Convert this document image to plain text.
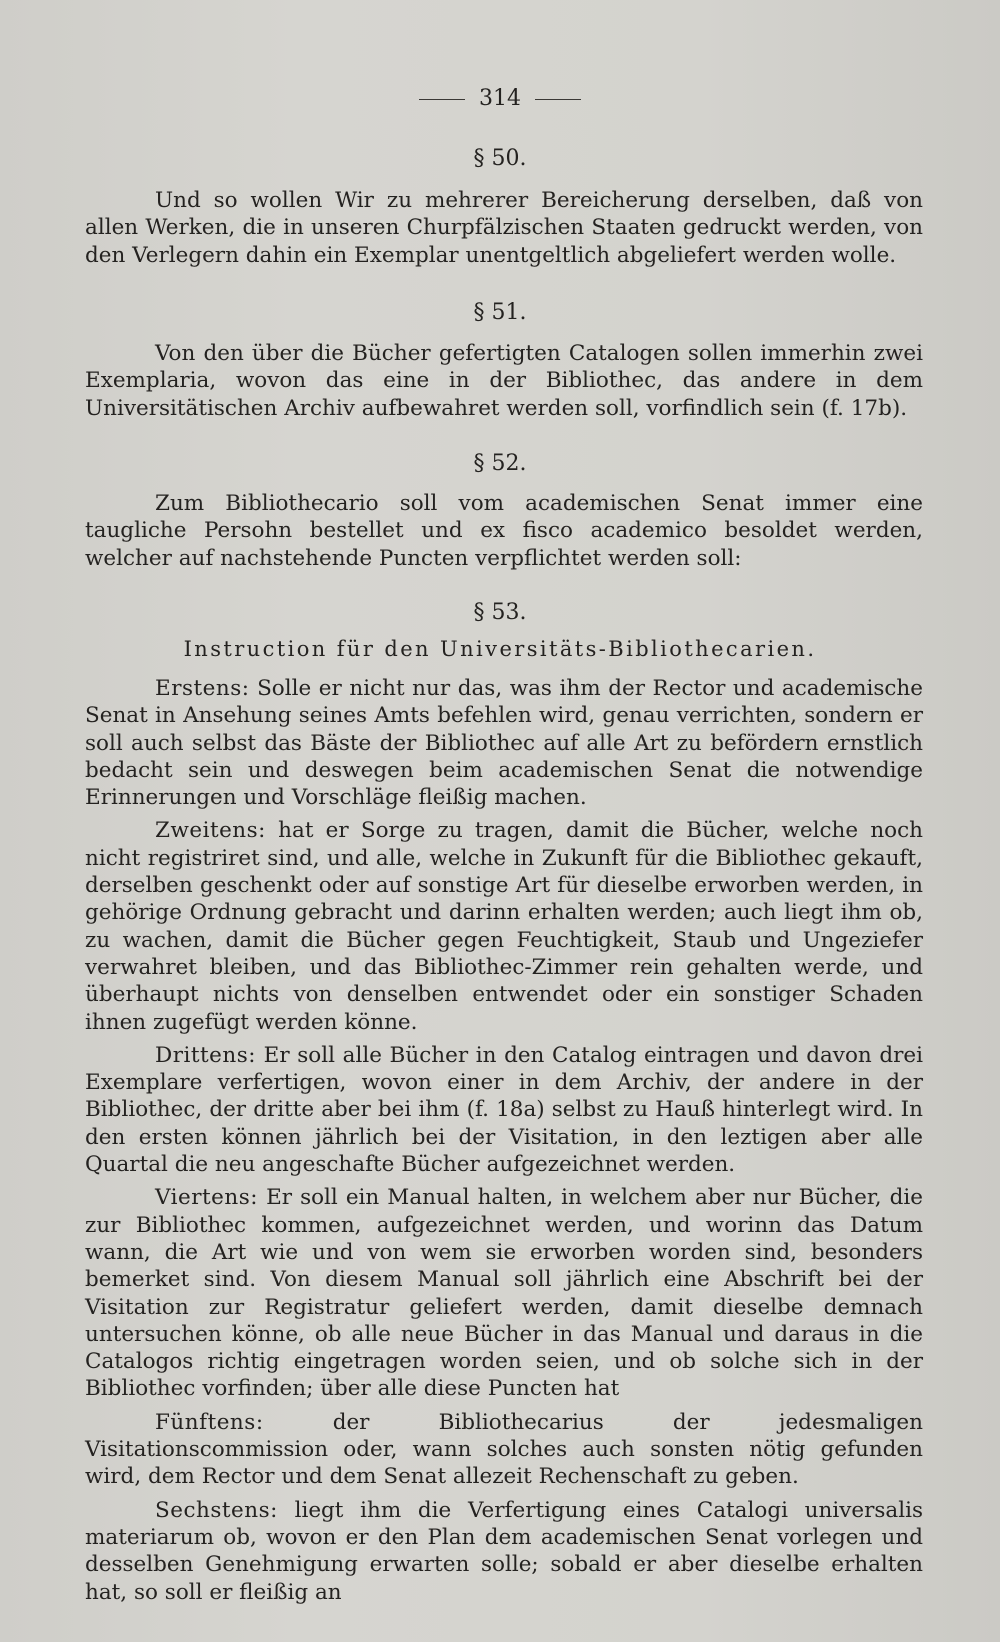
314
§ 50.

Und so wollen Wir zu mehrerer Bereicherung derselben, daß von allen Werken, die in unseren Churpfälzischen Staaten gedruckt werden, von den Verlegern dahin ein Exemplar unentgeltlich abgeliefert werden wolle.

§ 51.

Von den über die Bücher gefertigten Catalogen sollen immerhin zwei Exemplaria, wovon das eine in der Bibliothec, das andere in dem Universitätischen Archiv aufbewahret werden soll, vorfindlich sein (f. 17b).

§ 52.

Zum Bibliothecario soll vom academischen Senat immer eine taugliche Persohn bestellet und ex fisco academico besoldet werden, welcher auf nachstehende Puncten verpflichtet werden soll:

§ 53.
Instruction für den Universitäts-Bibliothecarien.

Erstens: Solle er nicht nur das, was ihm der Rector und academische Senat in Ansehung seines Amts befehlen wird, genau verrichten, sondern er soll auch selbst das Bäste der Bibliothec auf alle Art zu befördern ernstlich bedacht sein und deswegen beim academischen Senat die notwendige Erinnerungen und Vorschläge fleißig machen.

Zweitens: hat er Sorge zu tragen, damit die Bücher, welche noch nicht registriret sind, und alle, welche in Zukunft für die Bibliothec gekauft, derselben geschenkt oder auf sonstige Art für dieselbe erworben werden, in gehörige Ordnung gebracht und darinn erhalten werden; auch liegt ihm ob, zu wachen, damit die Bücher gegen Feuchtigkeit, Staub und Ungeziefer verwahret bleiben, und das Bibliothec-Zimmer rein gehalten werde, und überhaupt nichts von denselben entwendet oder ein sonstiger Schaden ihnen zugefügt werden könne.

Drittens: Er soll alle Bücher in den Catalog eintragen und davon drei Exemplare verfertigen, wovon einer in dem Archiv, der andere in der Bibliothec, der dritte aber bei ihm (f. 18a) selbst zu Hauß hinterlegt wird. In den ersten können jährlich bei der Visitation, in den leztigen aber alle Quartal die neu angeschafte Bücher aufgezeichnet werden.

Viertens: Er soll ein Manual halten, in welchem aber nur Bücher, die zur Bibliothec kommen, aufgezeichnet werden, und worinn das Datum wann, die Art wie und von wem sie erworben worden sind, besonders bemerket sind. Von diesem Manual soll jährlich eine Abschrift bei der Visitation zur Registratur geliefert werden, damit dieselbe demnach untersuchen könne, ob alle neue Bücher in das Manual und daraus in die Catalogos richtig eingetragen worden seien, und ob solche sich in der Bibliothec vorfinden; über alle diese Puncten hat

Fünftens:	der Bibliothecarius der jedesmaligen Visitationscommission oder, wann solches auch sonsten nötig gefunden wird, dem Rector und dem Senat allezeit Rechenschaft zu geben.

Sechstens: liegt ihm die Verfertigung eines Catalogi universalis materiarum ob, wovon er den Plan dem academischen Senat vorlegen und desselben Genehmigung erwarten solle; sobald er aber dieselbe erhalten hat, so soll er fleißig an
